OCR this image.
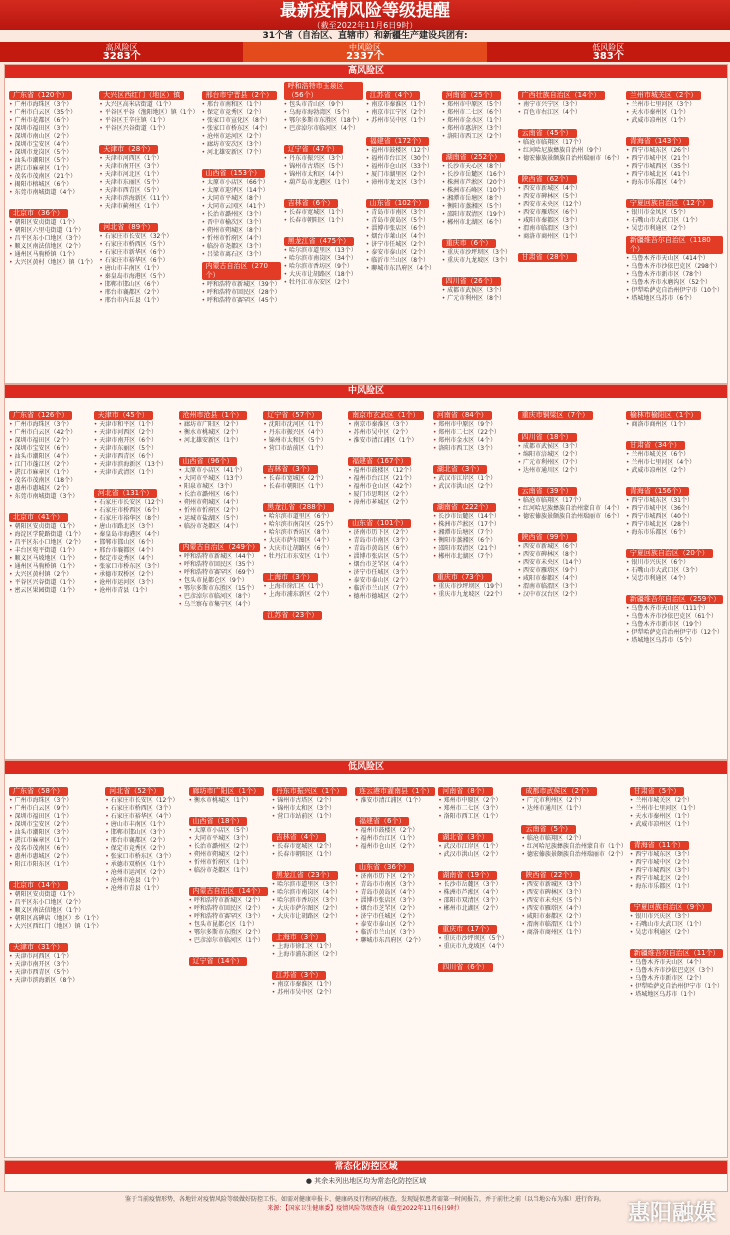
最新疫情风险等级提醒
（截至2022年11月6日9时）
31个省（自治区、直辖市）和新疆生产建设兵团有:
高风险区
3283个
中风险区
2337个
低风险区
383个
高风险区
广东省（120个）
• 广州市海珠区（3个）
• 广州市白云区（35个）
• 广州市花都区（6个）
• 深圳市福田区（3个）
• 深圳市南山区（2个）
• 深圳市宝安区（4个）
• 深圳市龙岗区（5个）
• 汕头市潮阳区（5个）
• 湛江市麻章区（1个）
• 茂名市茂南区（21个）
• 揭阳市榕城区（6个）
• 东莞市南城街道（4个）
北京市（36个）
• 朝阳区安贞街道（1个）
• 朝阳区六里屯街道（1个）
• 昌平区东小口地区（3个）
• 顺义区南法信地区（2个）
• 通州区马驹桥镇（1个）
• 大兴区黄村（地区）镇（1个）
大兴区西红门（地区）镇
• 大兴区高米店街道（1个）
• 平谷区平谷（渔阳地区）镇（1个）
• 平谷区王辛庄镇（1个）
• 平谷区兴谷街道（1个）
天津市（28个）
• 天津市河西区（1个）
• 天津市南开区（3个）
• 天津市河北区（1个）
• 天津市东丽区（5个）
• 天津市西青区（5个）
• 天津市滨海新区（11个）
• 天津市蓟州区（1个）
河北省（89个）
• 石家庄市长安区（32个）
• 石家庄市桥西区（5个）
• 石家庄市新华区（6个）
• 石家庄市裕华区（6个）
• 唐山市丰南区（1个）
• 秦皇岛市海港区（5个）
• 邯郸市邯山区（6个）
• 邢台市襄都区（2个）
• 邢台市内丘县（1个）
邢台市宁晋县（2个）
• 邢台市南和区（1个）
• 保定市竞秀区（2个）
• 张家口市宣化区（8个）
• 张家口市桥东区（4个）
• 沧州市运河区（2个）
• 廊坊市安次区（3个）
• 河北雄安新区（7个）
山西省（153个）
• 太原市小店区（66个）
• 太原市迎泽区（14个）
• 大同市平城区（8个）
• 大同市云冈区（41个）
• 长治市潞州区（3个）
• 晋中市榆次区（3个）
• 朔州市朔城区（8个）
• 忻州市忻府区（4个）
• 临汾市尧都区（3个）
• 吕梁市离石区（3个）
内蒙古自治区（270个）
• 呼和浩特市新城区（39个）
• 呼和浩特市回民区（28个）
• 呼和浩特市赛罕区（45个）
呼和浩特市玉泉区（56个）
• 包头市青山区（9个）
• 乌海市海勃湾区（5个）
• 鄂尔多斯市东胜区（18个）
• 巴彦淖尔市临河区（4个）
辽宁省（47个）
• 丹东市振兴区（3个）
• 锦州市古塔区（5个）
• 锦州市太和区（4个）
• 葫芦岛市龙港区（1个）
吉林省（6个）
• 长春市宽城区（1个）
• 长春市朝阳区（1个）
黑龙江省（475个）
• 哈尔滨市道里区（13个）
• 哈尔滨市南岗区（34个）
• 哈尔滨市香坊区（9个）
• 大庆市让胡路区（18个）
• 牡丹江市东安区（2个）
江苏省（4个）
• 南京市秦淮区（1个）
• 南京市江宁区（2个）
• 苏州市吴中区（1个）
福建省（172个）
• 福州市鼓楼区（12个）
• 福州市台江区（30个）
• 福州市仓山区（33个）
• 厦门市湖里区（2个）
• 漳州市龙文区（3个）
山东省（102个）
• 青岛市市南区（3个）
• 青岛市黄岛区（5个）
• 淄博市张店区（6个）
• 烟台市莱山区（4个）
• 济宁市任城区（2个）
• 泰安市泰山区（2个）
• 临沂市兰山区（8个）
• 聊城市东昌府区（4个）
河南省（25个）
• 郑州市中原区（5个）
• 郑州市二七区（6个）
• 郑州市金水区（1个）
• 郑州市惠济区（3个）
• 洛阳市西工区（2个）
湖南省（252个）
• 长沙市天心区（8个）
• 长沙市岳麓区（16个）
• 株洲市芦淞区（20个）
• 株洲市石峰区（10个）
• 湘潭市岳塘区（8个）
• 衡阳市蒸湘区（5个）
• 邵阳市双清区（19个）
• 郴州市北湖区（6个）
重庆市（6个）
• 重庆市沙坪坝区（3个）
• 重庆市九龙坡区（3个）
四川省（26个）
• 成都市武侯区（3个）
• 广元市利州区（8个）
广西壮族自治区（14个）
• 南宁市兴宁区（3个）
• 百色市右江区（4个）
云南省（45个）
• 临沧市临翔区（17个）
• 红河哈尼族彝族自治州（9个）
• 德宏傣族景颇族自治州瑞丽市（6个）
陕西省（62个）
• 西安市新城区（4个）
• 西安市碑林区（5个）
• 西安市未央区（12个）
• 西安市雁塔区（6个）
• 咸阳市秦都区（3个）
• 渭南市临渭区（3个）
• 商洛市商州区（1个）
甘肃省（28个）
兰州市城关区（2个）
• 兰州市七里河区（3个）
• 天水市秦州区（1个）
• 武威市凉州区（1个）
青海省（143个）
• 西宁市城东区（26个）
• 西宁市城中区（21个）
• 西宁市城西区（35个）
• 西宁市城北区（41个）
• 海东市乐都区（4个）
宁夏回族自治区（12个）
• 银川市金凤区（5个）
• 石嘴山市大武口区（1个）
• 吴忠市利通区（2个）
新疆维吾尔自治区（1180个）
• 乌鲁木齐市天山区（414个）
• 乌鲁木齐市沙依巴克区（298个）
• 乌鲁木齐市新市区（78个）
• 乌鲁木齐市水磨沟区（52个）
• 伊犁哈萨克自治州伊宁市（10个）
• 塔城地区乌苏市（6个）
中风险区
广东省（126个）
• 广州市海珠区（3个）
• 广州市白云区（42个）
• 深圳市福田区（2个）
• 深圳市宝安区（6个）
• 汕头市潮阳区（4个）
• 江门市蓬江区（2个）
• 湛江市麻章区（1个）
• 茂名市茂南区（18个）
• 惠州市惠城区（2个）
• 东莞市南城街道（3个）
北京市（41个）
• 朝阳区安贞街道（1个）
• 海淀区学院路街道（1个）
• 昌平区东小口地区（2个）
• 丰台区宛平街道（1个）
• 顺义区马坡地区（1个）
• 通州区马驹桥镇（1个）
• 大兴区黄村镇（2个）
• 平谷区兴谷街道（1个）
• 密云区果园街道（1个）
天津市（45个）
• 天津市和平区（1个）
• 天津市河西区（2个）
• 天津市南开区（6个）
• 天津市东丽区（5个）
• 天津市西青区（6个）
• 天津市滨海新区（13个）
• 天津市武清区（1个）
河北省（131个）
• 石家庄市长安区（12个）
• 石家庄市桥西区（6个）
• 石家庄市裕华区（8个）
• 唐山市路北区（3个）
• 秦皇岛市海港区（4个）
• 邯郸市邯山区（6个）
• 邢台市襄都区（4个）
• 保定市竞秀区（4个）
• 张家口市桥东区（3个）
• 承德市双桥区（2个）
• 沧州市运河区（3个）
• 沧州市青县（1个）
沧州市沧县（1个）
• 廊坊市广阳区（2个）
• 衡水市桃城区（2个）
• 河北雄安新区（1个）
山西省（96个）
• 太原市小店区（41个）
• 大同市平城区（13个）
• 阳泉市城区（3个）
• 长治市潞州区（6个）
• 朔州市朔城区（4个）
• 忻州市忻府区（2个）
• 运城市盐湖区（5个）
• 临汾市尧都区（4个）
内蒙古自治区（249个）
• 呼和浩特市新城区（44个）
• 呼和浩特市回民区（35个）
• 呼和浩特市赛罕区（69个）
• 包头市昆都仑区（9个）
• 鄂尔多斯市东胜区（15个）
• 巴彦淖尔市临河区（8个）
• 乌兰察布市集宁区（4个）
辽宁省（57个）
• 沈阳市沈河区（1个）
• 丹东市振兴区（4个）
• 锦州市太和区（5个）
• 营口市站前区（1个）
吉林省（3个）
• 长春市宽城区（2个）
• 长春市朝阳区（1个）
黑龙江省（288个）
• 哈尔滨市道里区（6个）
• 哈尔滨市南岗区（25个）
• 哈尔滨市香坊区（8个）
• 大庆市萨尔图区（4个）
• 大庆市让胡路区（6个）
• 牡丹江市东安区（1个）
上海市（3个）
• 上海市徐汇区（1个）
• 上海市浦东新区（2个）
江苏省（23个）
南京市玄武区（1个）
• 南京市秦淮区（3个）
• 苏州市吴中区（2个）
• 淮安市清江浦区（1个）
福建省（167个）
• 福州市鼓楼区（12个）
• 福州市台江区（21个）
• 福州市仓山区（42个）
• 厦门市思明区（2个）
• 漳州市芗城区（2个）
山东省（101个）
• 济南市历下区（2个）
• 青岛市市南区（3个）
• 青岛市黄岛区（6个）
• 淄博市张店区（5个）
• 烟台市芝罘区（4个）
• 济宁市任城区（3个）
• 泰安市泰山区（2个）
• 临沂市兰山区（7个）
• 德州市德城区（2个）
河南省（84个）
• 郑州市中原区（9个）
• 郑州市二七区（22个）
• 郑州市金水区（4个）
• 洛阳市西工区（3个）
湖北省（3个）
• 武汉市江岸区（1个）
• 武汉市洪山区（2个）
湖南省（222个）
• 长沙市岳麓区（14个）
• 株洲市芦淞区（17个）
• 湘潭市岳塘区（7个）
• 衡阳市蒸湘区（6个）
• 邵阳市双清区（21个）
• 郴州市北湖区（7个）
重庆市（73个）
• 重庆市沙坪坝区（19个）
• 重庆市九龙坡区（22个）
重庆市铜梁区（7个）
四川省（18个）
• 成都市武侯区（3个）
• 绵阳市涪城区（2个）
• 广元市利州区（7个）
• 达州市通川区（2个）
云南省（39个）
• 临沧市临翔区（17个）
• 红河哈尼族彝族自治州蒙自市（4个）
• 德宏傣族景颇族自治州瑞丽市（6个）
陕西省（99个）
• 西安市新城区（6个）
• 西安市碑林区（8个）
• 西安市未央区（14个）
• 西安市雁塔区（9个）
• 咸阳市秦都区（4个）
• 渭南市临渭区（3个）
• 汉中市汉台区（2个）
榆林市榆阳区（1个）
• 商洛市商州区（1个）
甘肃省（34个）
• 兰州市城关区（6个）
• 兰州市七里河区（4个）
• 武威市凉州区（2个）
青海省（156个）
• 西宁市城东区（31个）
• 西宁市城中区（36个）
• 西宁市城西区（40个）
• 西宁市城北区（28个）
• 海东市乐都区（6个）
宁夏回族自治区（20个）
• 银川市兴庆区（6个）
• 石嘴山市大武口区（3个）
• 吴忠市利通区（4个）
新疆维吾尔自治区（259个）
• 乌鲁木齐市天山区（111个）
• 乌鲁木齐市沙依巴克区（61个）
• 乌鲁木齐市新市区（19个）
• 伊犁哈萨克自治州伊宁市（12个）
• 塔城地区乌苏市（5个）
低风险区
广东省（58个）
• 广州市海珠区（3个）
• 广州市白云区（9个）
• 深圳市福田区（1个）
• 深圳市宝安区（2个）
• 汕头市潮阳区（3个）
• 湛江市麻章区（1个）
• 茂名市茂南区（6个）
• 惠州市惠城区（2个）
• 阳江市阳东区（1个）
北京市（14个）
• 朝阳区安贞街道（1个）
• 昌平区东小口地区（2个）
• 顺义区南法信地区（1个）
• 朝阳区高碑店（地区）乡（1个）
• 大兴区西红门（地区）镇（1个）
天津市（31个）
• 天津市河西区（1个）
• 天津市南开区（3个）
• 天津市西青区（5个）
• 天津市滨海新区（8个）
河北省（52个）
• 石家庄市长安区（12个）
• 石家庄市桥西区（3个）
• 石家庄市裕华区（4个）
• 唐山市丰南区（1个）
• 邯郸市邯山区（3个）
• 邢台市襄都区（2个）
• 保定市竞秀区（2个）
• 张家口市桥东区（3个）
• 承德市双桥区（1个）
• 沧州市运河区（2个）
• 沧州市沧县（1个）
• 沧州市青县（1个）
廊坊市广阳区（1个）
• 衡水市桃城区（1个）
山西省（18个）
• 太原市小店区（5个）
• 大同市平城区（3个）
• 长治市潞州区（2个）
• 朔州市朔城区（2个）
• 忻州市忻府区（1个）
• 临汾市尧都区（1个）
内蒙古自治区（14个）
• 呼和浩特市新城区（2个）
• 呼和浩特市回民区（2个）
• 呼和浩特市赛罕区（3个）
• 包头市昆都仑区（1个）
• 鄂尔多斯市东胜区（2个）
• 巴彦淖尔市临河区（1个）
辽宁省（14个）
丹东市振兴区（1个）
• 锦州市古塔区（2个）
• 锦州市太和区（3个）
• 营口市站前区（1个）
吉林省（4个）
• 长春市宽城区（2个）
• 长春市朝阳区（1个）
黑龙江省（23个）
• 哈尔滨市道里区（3个）
• 哈尔滨市南岗区（4个）
• 哈尔滨市香坊区（3个）
• 大庆市萨尔图区（2个）
• 大庆市让胡路区（2个）
上海市（3个）
• 上海市徐汇区（1个）
• 上海市浦东新区（2个）
江苏省（3个）
• 南京市秦淮区（1个）
• 苏州市吴中区（2个）
连云港市灌南县（1个）
• 淮安市清江浦区（1个）
福建省（6个）
• 福州市鼓楼区（2个）
• 福州市台江区（1个）
• 福州市仓山区（2个）
山东省（36个）
• 济南市历下区（2个）
• 青岛市市南区（3个）
• 青岛市黄岛区（4个）
• 淄博市张店区（3个）
• 烟台市芝罘区（2个）
• 济宁市任城区（2个）
• 泰安市泰山区（2个）
• 临沂市兰山区（3个）
• 聊城市东昌府区（2个）
河南省（8个）
• 郑州市中原区（2个）
• 郑州市二七区（3个）
• 洛阳市西工区（1个）
湖北省（3个）
• 武汉市江岸区（1个）
• 武汉市洪山区（2个）
湖南省（19个）
• 长沙市岳麓区（3个）
• 株洲市芦淞区（4个）
• 邵阳市双清区（3个）
• 郴州市北湖区（2个）
重庆市（17个）
• 重庆市沙坪坝区（5个）
• 重庆市九龙坡区（4个）
四川省（6个）
成都市武侯区（2个）
• 广元市利州区（2个）
• 达州市通川区（1个）
云南省（5个）
• 临沧市临翔区（2个）
• 红河哈尼族彝族自治州蒙自市（1个）
• 德宏傣族景颇族自治州瑞丽市（2个）
陕西省（22个）
• 西安市新城区（3个）
• 西安市碑林区（3个）
• 西安市未央区（5个）
• 西安市雁塔区（4个）
• 咸阳市秦都区（2个）
• 渭南市临渭区（1个）
• 商洛市商州区（1个）
甘肃省（5个）
• 兰州市城关区（2个）
• 兰州市七里河区（1个）
• 天水市秦州区（1个）
• 武威市凉州区（1个）
青海省（11个）
• 西宁市城东区（3个）
• 西宁市城中区（2个）
• 西宁市城西区（3个）
• 西宁市城北区（2个）
• 海东市乐都区（1个）
宁夏回族自治区（9个）
• 银川市兴庆区（3个）
• 石嘴山市大武口区（1个）
• 吴忠市利通区（2个）
新疆维吾尔自治区（11个）
• 乌鲁木齐市天山区（4个）
• 乌鲁木齐市沙依巴克区（3个）
• 乌鲁木齐市新市区（2个）
• 伊犁哈萨克自治州伊宁市（1个）
• 塔城地区乌苏市（1个）
常态化防控区域
● 其余未列出地区均为常态化防控区域
鉴于当前疫情形势，各地针对疫情风险等级做好防控工作。如需对健康申报卡、健康码及行程码的核查，发现疑似患者需第一时间报告，并于前往之前（以当地公布为准）进行咨询。
来源：【国家卫生健康委】疫情风险等级查询（截至2022年11月6日9时）	惠阳融媒
